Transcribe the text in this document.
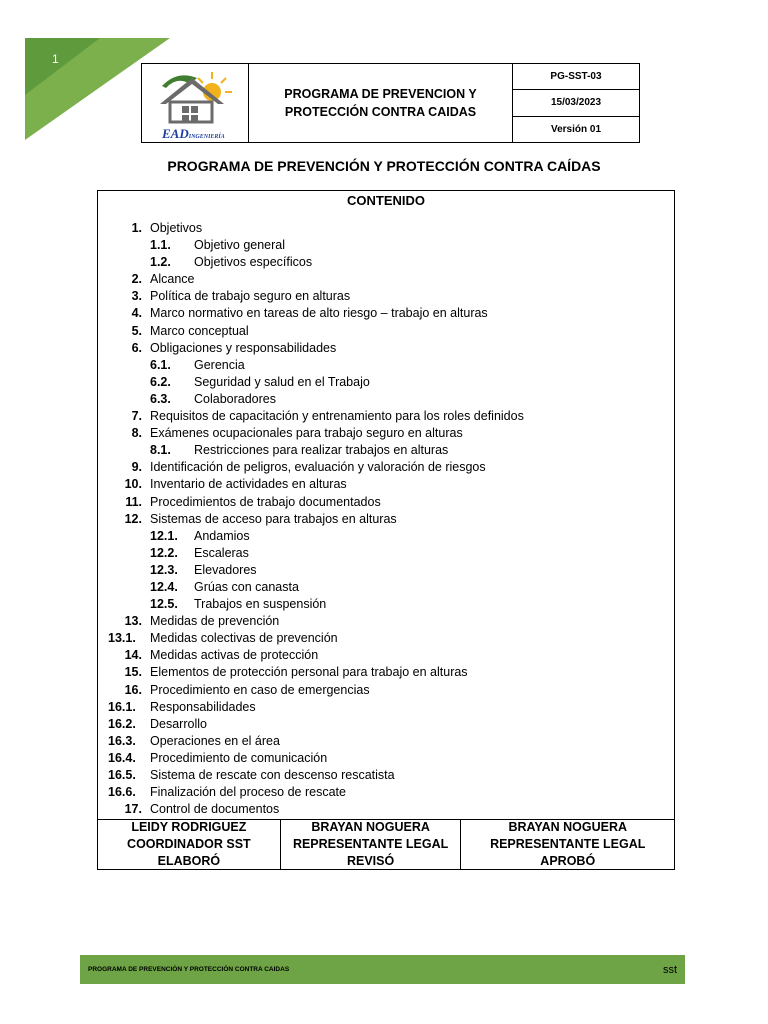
1
EADINGENIERÍA
PROGRAMA DE PREVENCION Y PROTECCIÓN CONTRA CAIDAS
PG-SST-03
15/03/2023
Versión 01
PROGRAMA DE PREVENCIÓN Y PROTECCIÓN CONTRA CAÍDAS
CONTENIDO
1. Objetivos
1.1. Objetivo general
1.2. Objetivos específicos
2. Alcance
3. Política de trabajo seguro en alturas
4. Marco normativo en tareas de alto riesgo – trabajo en alturas
5. Marco conceptual
6. Obligaciones y responsabilidades
6.1. Gerencia
6.2. Seguridad y salud en el Trabajo
6.3. Colaboradores
7. Requisitos de capacitación y entrenamiento para los roles definidos
8. Exámenes ocupacionales para trabajo seguro en alturas
8.1. Restricciones para realizar trabajos en alturas
9. Identificación de peligros, evaluación y valoración de riesgos
10. Inventario de actividades en alturas
11. Procedimientos de trabajo documentados
12. Sistemas de acceso para trabajos en alturas
12.1. Andamios
12.2. Escaleras
12.3. Elevadores
12.4. Grúas con canasta
12.5. Trabajos en suspensión
13. Medidas de prevención
13.1. Medidas colectivas de prevención
14. Medidas activas de protección
15. Elementos de protección personal para trabajo en alturas
16. Procedimiento en caso de emergencias
16.1. Responsabilidades
16.2. Desarrollo
16.3. Operaciones en el área
16.4. Procedimiento de comunicación
16.5. Sistema de rescate con descenso rescatista
16.6. Finalización del proceso de rescate
17. Control de documentos
LEIDY RODRIGUEZ
COORDINADOR SST
ELABORÓ
BRAYAN NOGUERA
REPRESENTANTE LEGAL
REVISÓ
BRAYAN NOGUERA
REPRESENTANTE LEGAL
APROBÓ
PROGRAMA DE PREVENCIÓN Y PROTECCIÓN CONTRA CAIDAS	sst
